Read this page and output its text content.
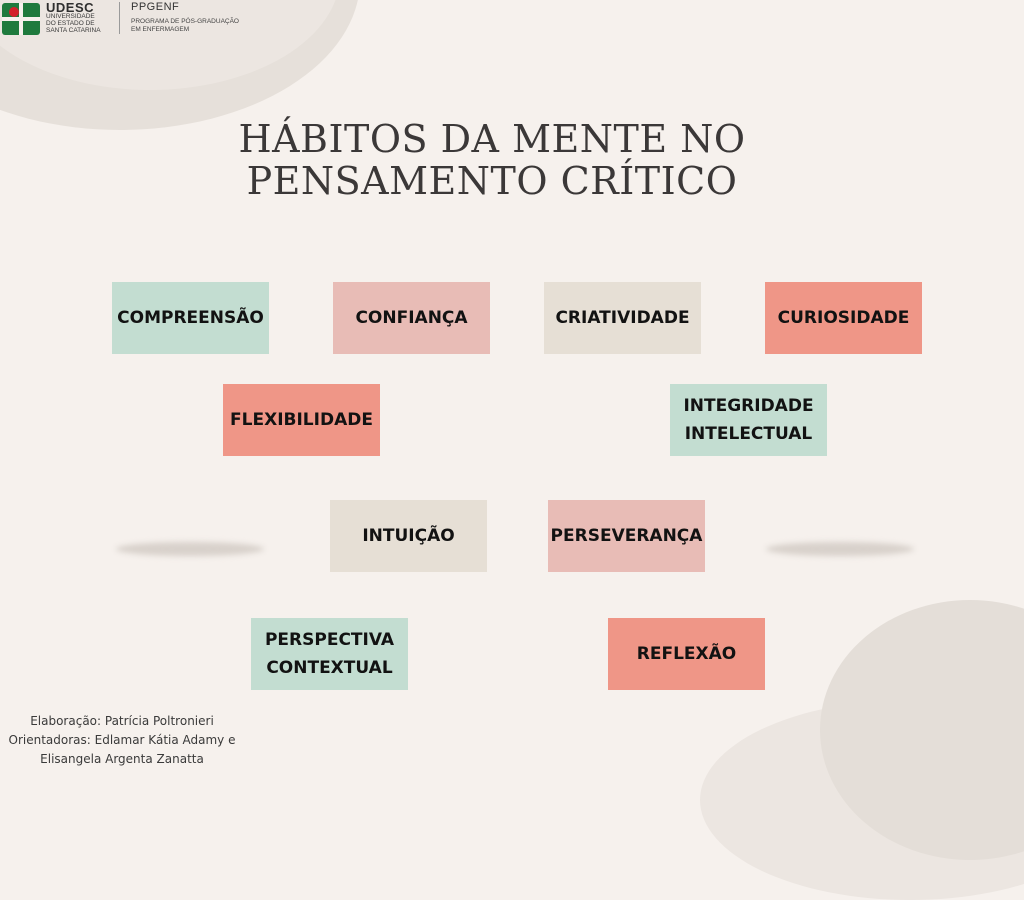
UDESC
UNIVERSIDADE
DO ESTADO DE
SANTA CATARINA
PPGENF
PROGRAMA DE PÓS-GRADUAÇÃO
EM ENFERMAGEM
HÁBITOS DA MENTE NO
PENSAMENTO CRÍTICO
COMPREENSÃO	CONFIANÇA	CRIATIVIDADE	CURIOSIDADE
FLEXIBILIDADE
INTEGRIDADE
INTELECTUAL
INTUIÇÃO	PERSEVERANÇA
PERSPECTIVA
CONTEXTUAL
REFLEXÃO
Elaboração: Patrícia Poltronieri
Orientadoras: Edlamar Kátia Adamy e
Elisangela Argenta Zanatta
